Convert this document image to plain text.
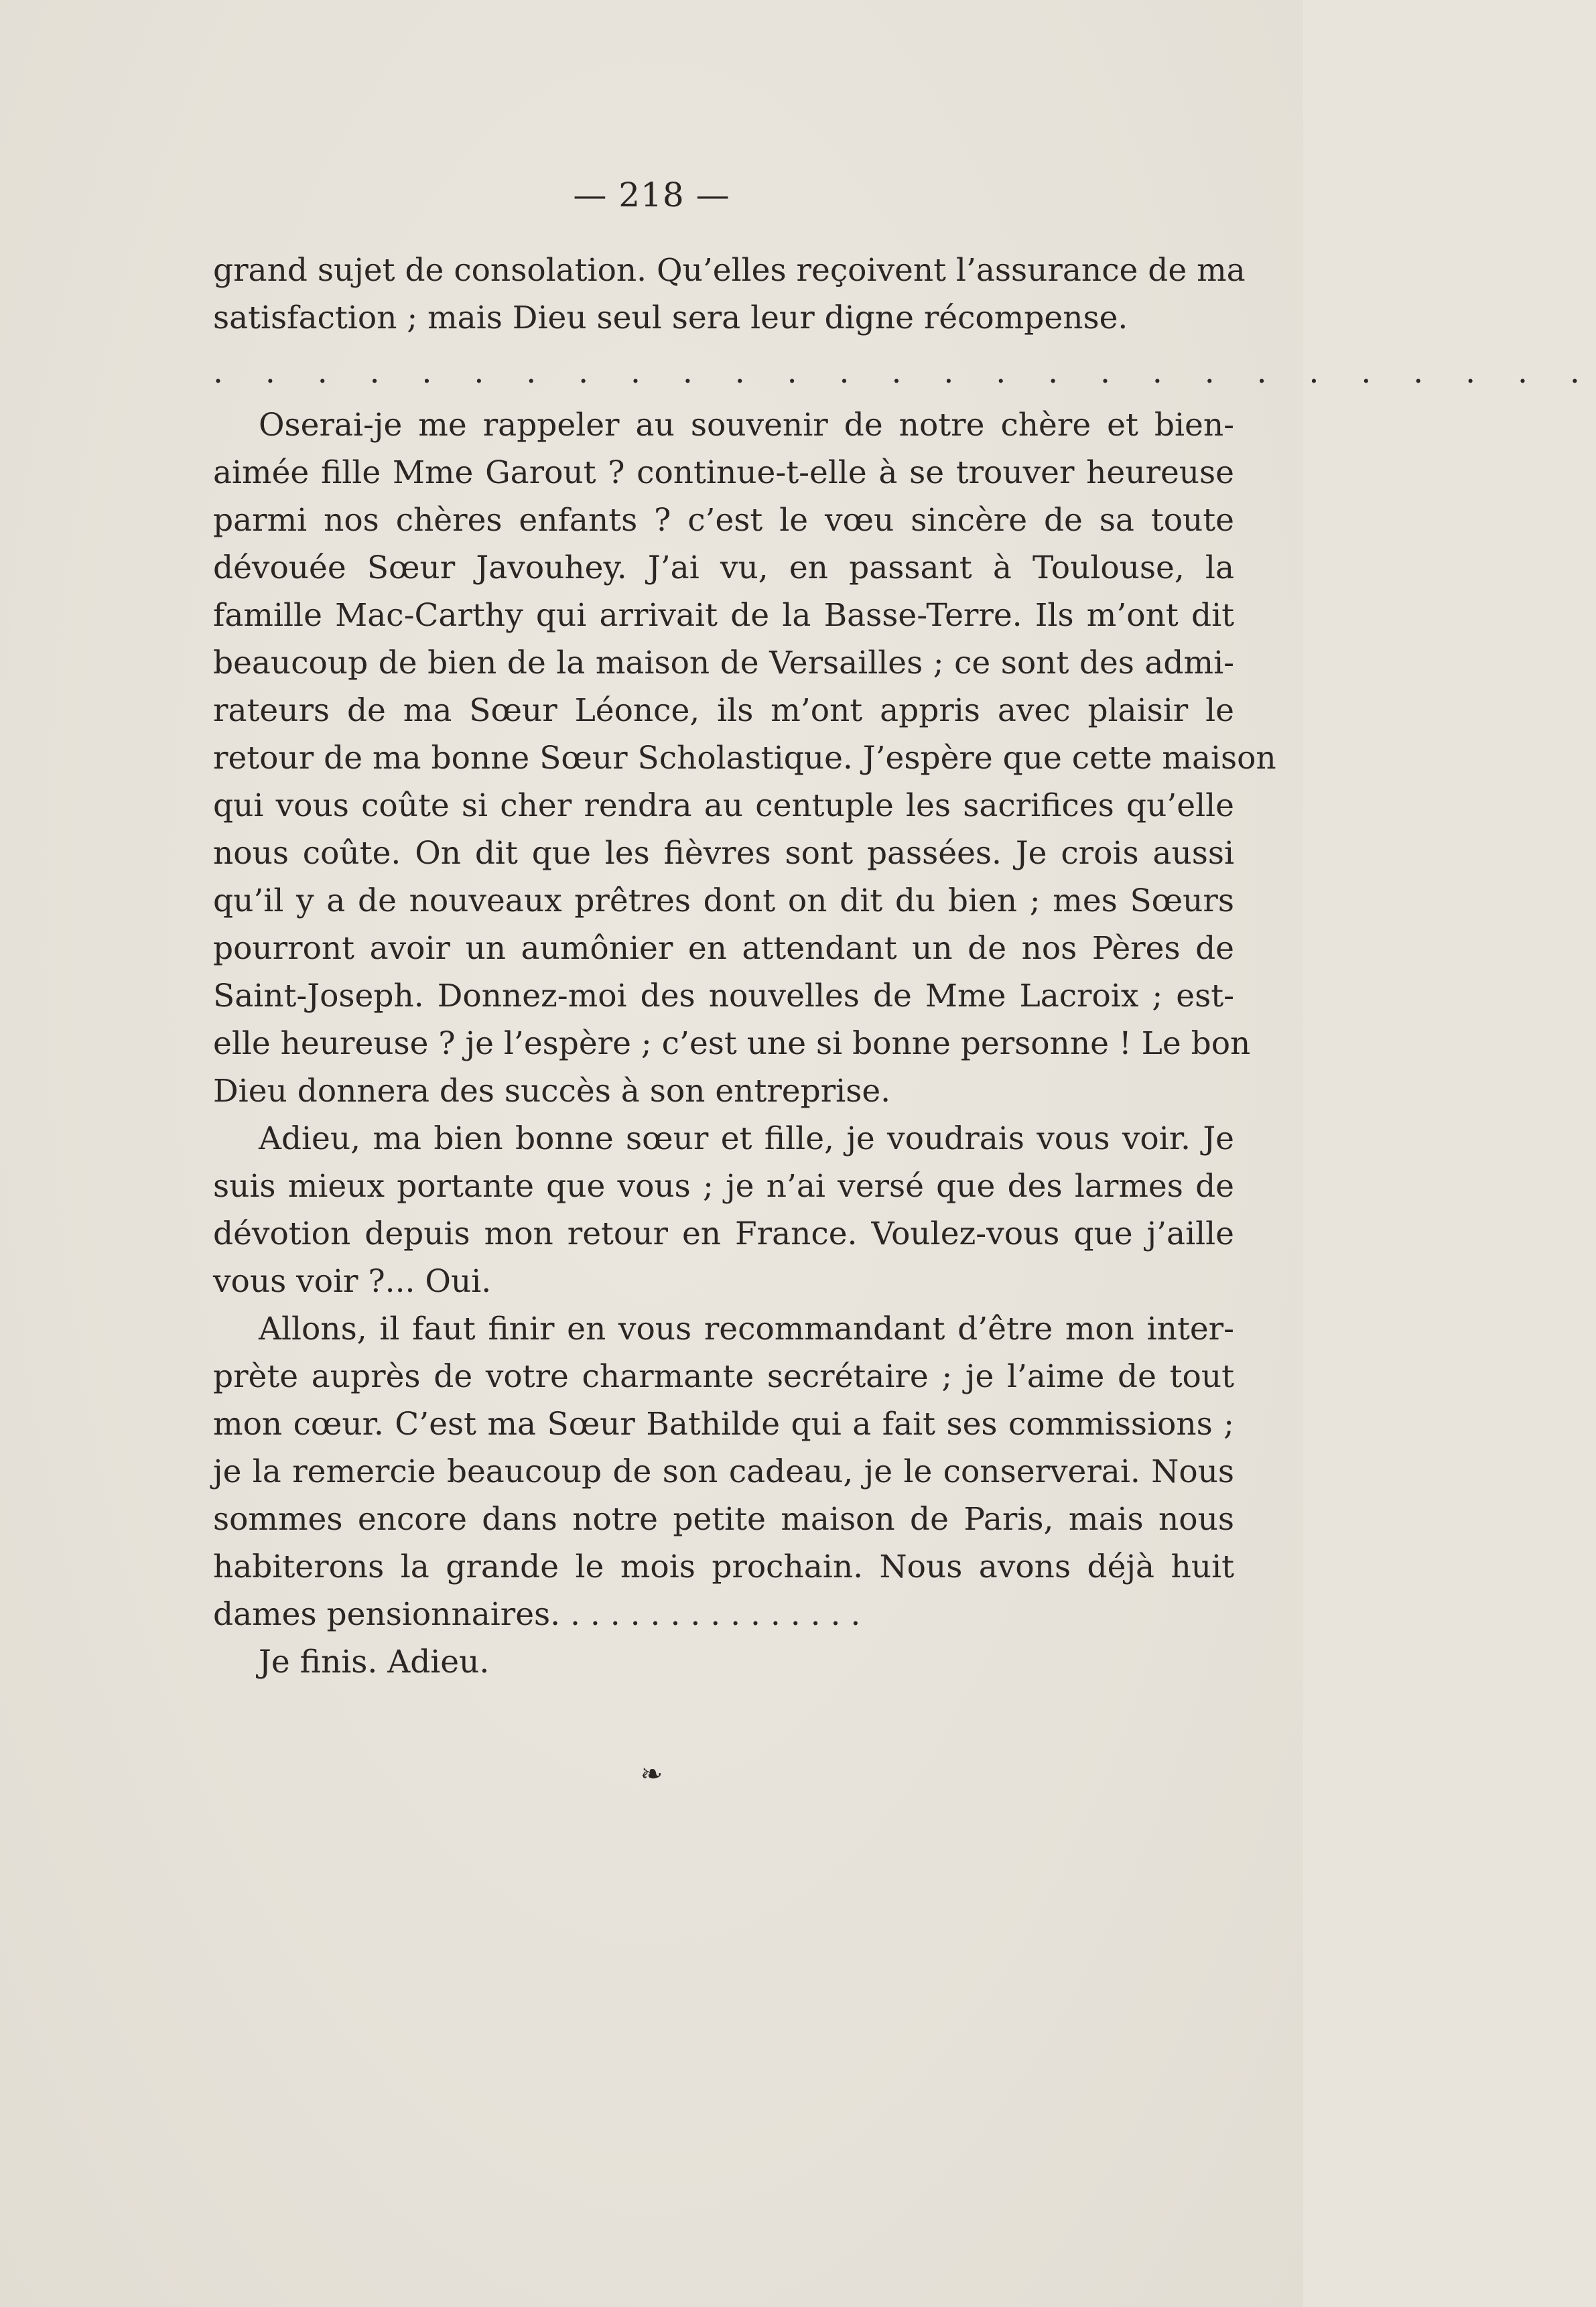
— 218 —
grand sujet de consolation. Qu’elles reçoivent l’assurance de ma
satisfaction ; mais Dieu seul sera leur digne récompense.
. . . . . . . . . . . . . . . . . . . . . . . . . . .
Oserai-je me rappeler au souvenir de notre chère et bien-
aimée fille Mme Garout ? continue-t-elle à se trouver heureuse
parmi nos chères enfants ? c’est le vœu sincère de sa toute
dévouée Sœur Javouhey. J’ai vu, en passant à Toulouse, la
famille Mac-Carthy qui arrivait de la Basse-Terre. Ils m’ont dit
beaucoup de bien de la maison de Versailles ; ce sont des admi-
rateurs de ma Sœur Léonce, ils m’ont appris avec plaisir le
retour de ma bonne Sœur Scholastique. J’espère que cette maison
qui vous coûte si cher rendra au centuple les sacrifices qu’elle
nous coûte. On dit que les fièvres sont passées. Je crois aussi
qu’il y a de nouveaux prêtres dont on dit du bien ; mes Sœurs
pourront avoir un aumônier en attendant un de nos Pères de
Saint-Joseph. Donnez-moi des nouvelles de Mme Lacroix ; est-
elle heureuse ? je l’espère ; c’est une si bonne personne ! Le bon
Dieu donnera des succès à son entreprise.
Adieu, ma bien bonne sœur et fille, je voudrais vous voir. Je
suis mieux portante que vous ; je n’ai versé que des larmes de
dévotion depuis mon retour en France. Voulez-vous que j’aille
vous voir ?... Oui.
Allons, il faut finir en vous recommandant d’être mon inter-
prète auprès de votre charmante secrétaire ; je l’aime de tout
mon cœur. C’est ma Sœur Bathilde qui a fait ses commissions ;
je la remercie beaucoup de son cadeau, je le conserverai. Nous
sommes encore dans notre petite maison de Paris, mais nous
habiterons la grande le mois prochain. Nous avons déjà huit
dames pensionnaires. . . . . . . . . . . . . . . .
Je finis. Adieu.
❧
